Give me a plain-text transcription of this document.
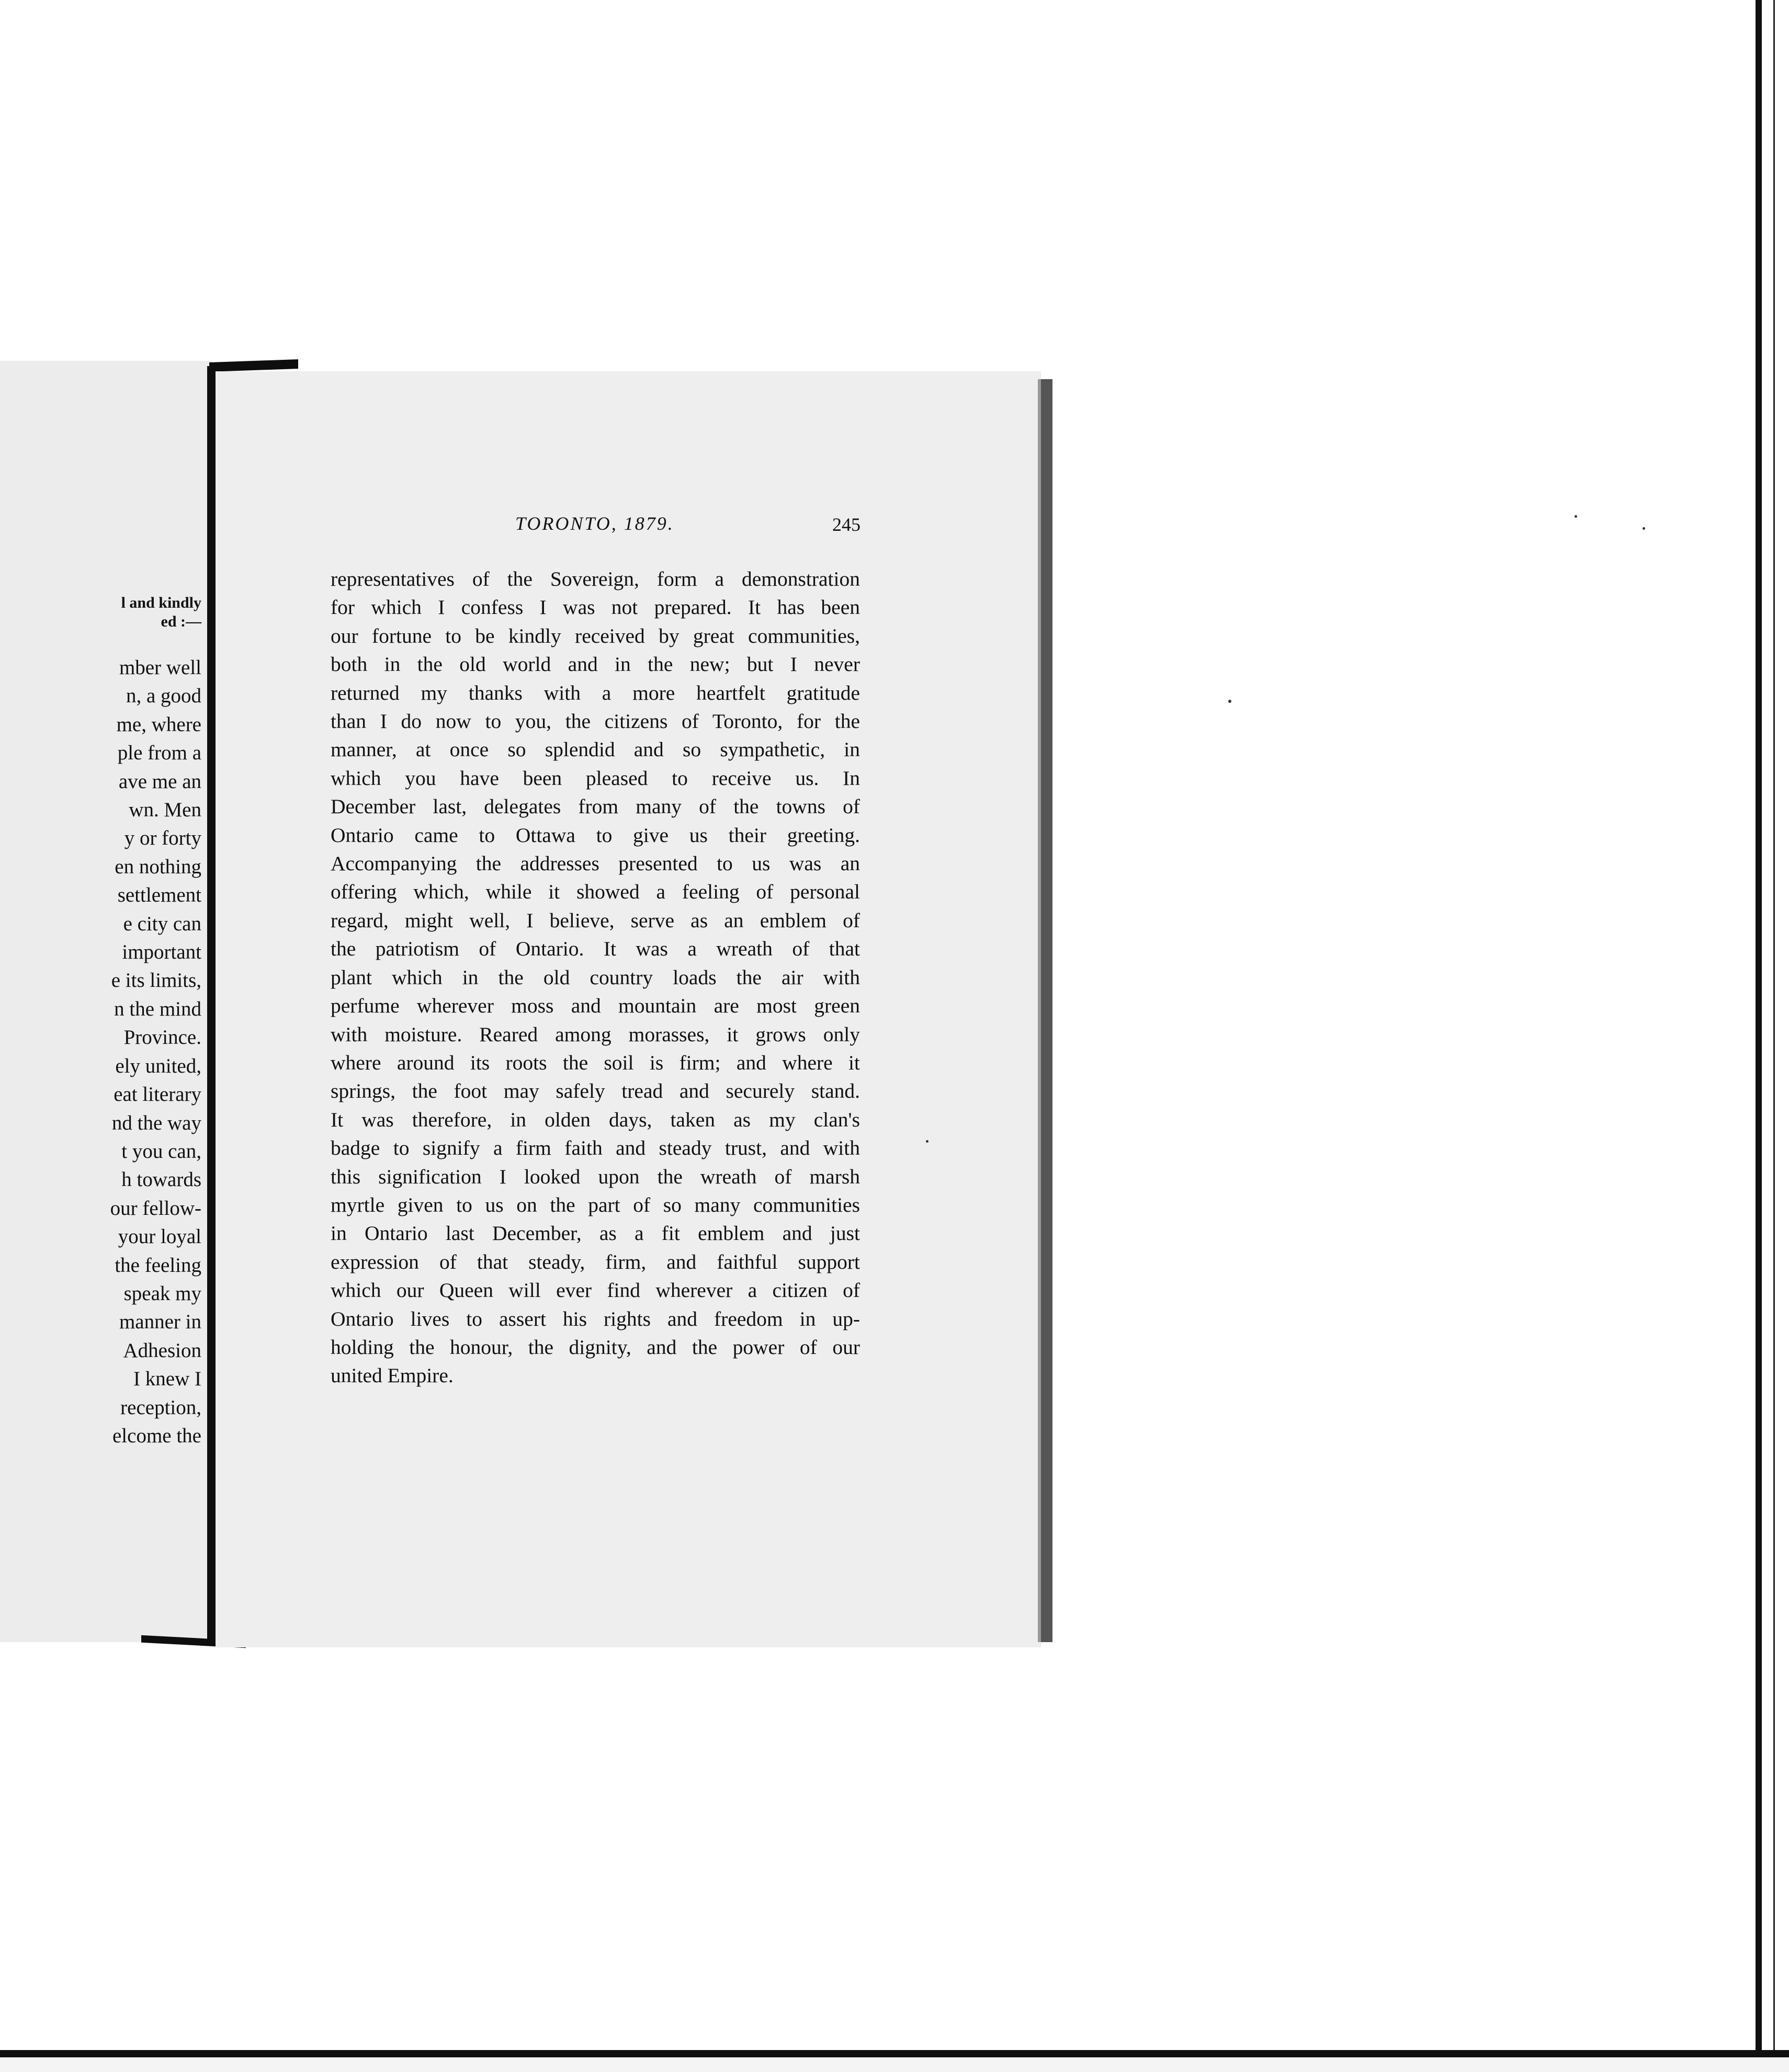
l and kindly
ed :—
mber well
n, a good
me, where
ple from a
ave me an
wn. Men
y or forty
en nothing
settlement
e city can
important
e its limits,
n the mind
Province.
ely united,
eat literary
nd the way
t you can,
h towards
our fellow-
your loyal
the feeling
speak my
manner in
Adhesion
I knew I
reception,
elcome the
TORONTO, 1879.	245
representatives of the Sovereign, form a demonstration
for which I confess I was not prepared. It has been
our fortune to be kindly received by great communities,
both in the old world and in the new; but I never
returned my thanks with a more heartfelt gratitude
than I do now to you, the citizens of Toronto, for the
manner, at once so splendid and so sympathetic, in
which you have been pleased to receive us. In
December last, delegates from many of the towns of
Ontario came to Ottawa to give us their greeting.
Accompanying the addresses presented to us was an
offering which, while it showed a feeling of personal
regard, might well, I believe, serve as an emblem of
the patriotism of Ontario. It was a wreath of that
plant which in the old country loads the air with
perfume wherever moss and mountain are most green
with moisture. Reared among morasses, it grows only
where around its roots the soil is firm; and where it
springs, the foot may safely tread and securely stand.
It was therefore, in olden days, taken as my clan's
badge to signify a firm faith and steady trust, and with
this signification I looked upon the wreath of marsh
myrtle given to us on the part of so many communities
in Ontario last December, as a fit emblem and just
expression of that steady, firm, and faithful support
which our Queen will ever find wherever a citizen of
Ontario lives to assert his rights and freedom in up-
holding the honour, the dignity, and the power of our
united Empire.
